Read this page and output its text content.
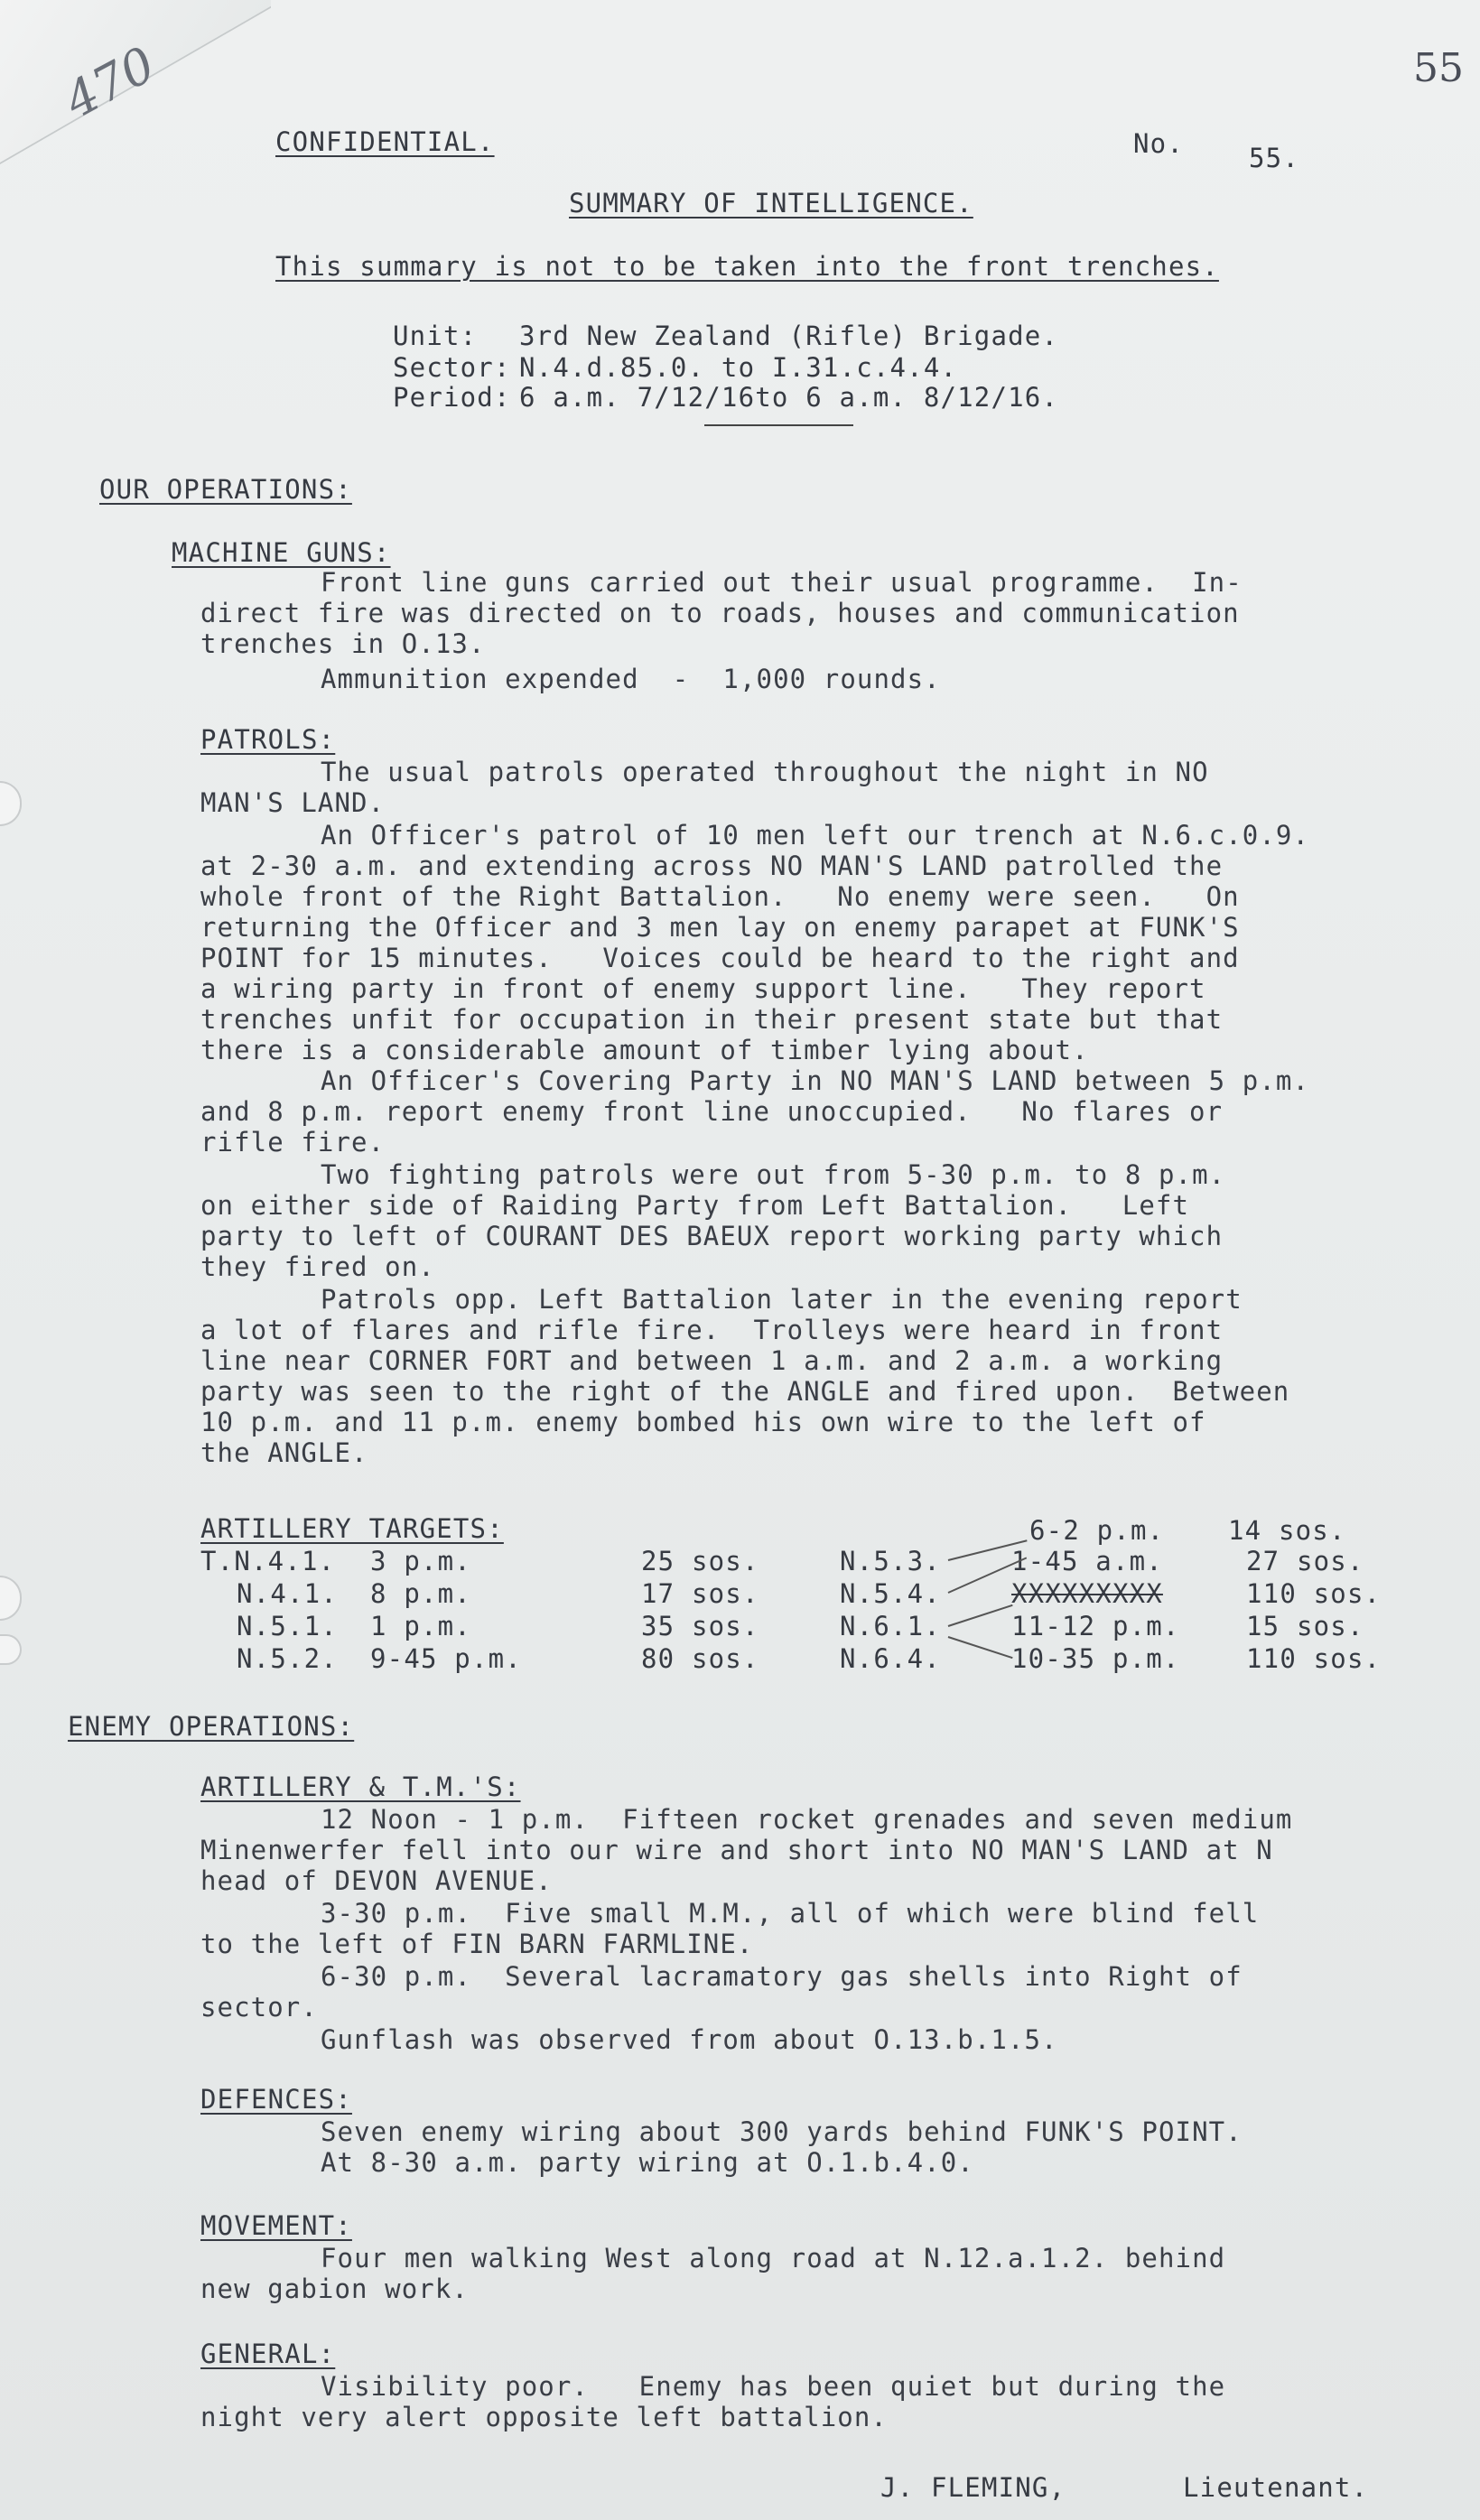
470	55
CONFIDENTIAL.	No. 55.
SUMMARY OF INTELLIGENCE.
This summary is not to be taken into the front trenches.
Unit: 3rd New Zealand (Rifle) Brigade.
Sector: N.4.d.85.0. to I.31.c.4.4.
Period: 6 a.m. 7/12/16to 6 a.m. 8/12/16.
OUR OPERATIONS:
MACHINE GUNS:
Front line guns carried out their usual programme.  In-
direct fire was directed on to roads, houses and communication
trenches in O.13.
Ammunition expended  -  1,000 rounds.
PATROLS:
The usual patrols operated throughout the night in NO
MAN'S LAND.
An Officer's patrol of 10 men left our trench at N.6.c.0.9.
at 2-30 a.m. and extending across NO MAN'S LAND patrolled the
whole front of the Right Battalion.   No enemy were seen.   On
returning the Officer and 3 men lay on enemy parapet at FUNK'S
POINT for 15 minutes.   Voices could be heard to the right and
a wiring party in front of enemy support line.   They report
trenches unfit for occupation in their present state but that
there is a considerable amount of timber lying about.
An Officer's Covering Party in NO MAN'S LAND between 5 p.m.
and 8 p.m. report enemy front line unoccupied.   No flares or
rifle fire.
Two fighting patrols were out from 5-30 p.m. to 8 p.m.
on either side of Raiding Party from Left Battalion.   Left
party to left of COURANT DES BAEUX report working party which
they fired on.
Patrols opp. Left Battalion later in the evening report
a lot of flares and rifle fire.  Trolleys were heard in front
line near CORNER FORT and between 1 a.m. and 2 a.m. a working
party was seen to the right of the ANGLE and fired upon.  Between
10 p.m. and 11 p.m. enemy bombed his own wire to the left of
the ANGLE.
ARTILLERY TARGETS:	6-2 p.m. 14 sos.
T.N.4.1. 3 p.m.	25 sos.	N.5.3.	1-45 a.m.	27 sos.
N.4.1. 8 p.m.	17 sos.	N.5.4.	XXXXXXXXX	110 sos.
N.5.1. 1 p.m.	35 sos.	N.6.1.	11-12 p.m.	15 sos.
N.5.2. 9-45 p.m.	80 sos.	N.6.4.	10-35 p.m.	110 sos.
ENEMY OPERATIONS:
ARTILLERY & T.M.'S:
12 Noon - 1 p.m.  Fifteen rocket grenades and seven medium
Minenwerfer fell into our wire and short into NO MAN'S LAND at N
head of DEVON AVENUE.
3-30 p.m.  Five small M.M., all of which were blind fell
to the left of FIN BARN FARMLINE.
6-30 p.m.  Several lacramatory gas shells into Right of
sector.
Gunflash was observed from about O.13.b.1.5.
DEFENCES:
Seven enemy wiring about 300 yards behind FUNK'S POINT.
At 8-30 a.m. party wiring at O.1.b.4.0.
MOVEMENT:
Four men walking West along road at N.12.a.1.2. behind
new gabion work.
GENERAL:
Visibility poor.   Enemy has been quiet but during the
night very alert opposite left battalion.
J. FLEMING,	Lieutenant.
